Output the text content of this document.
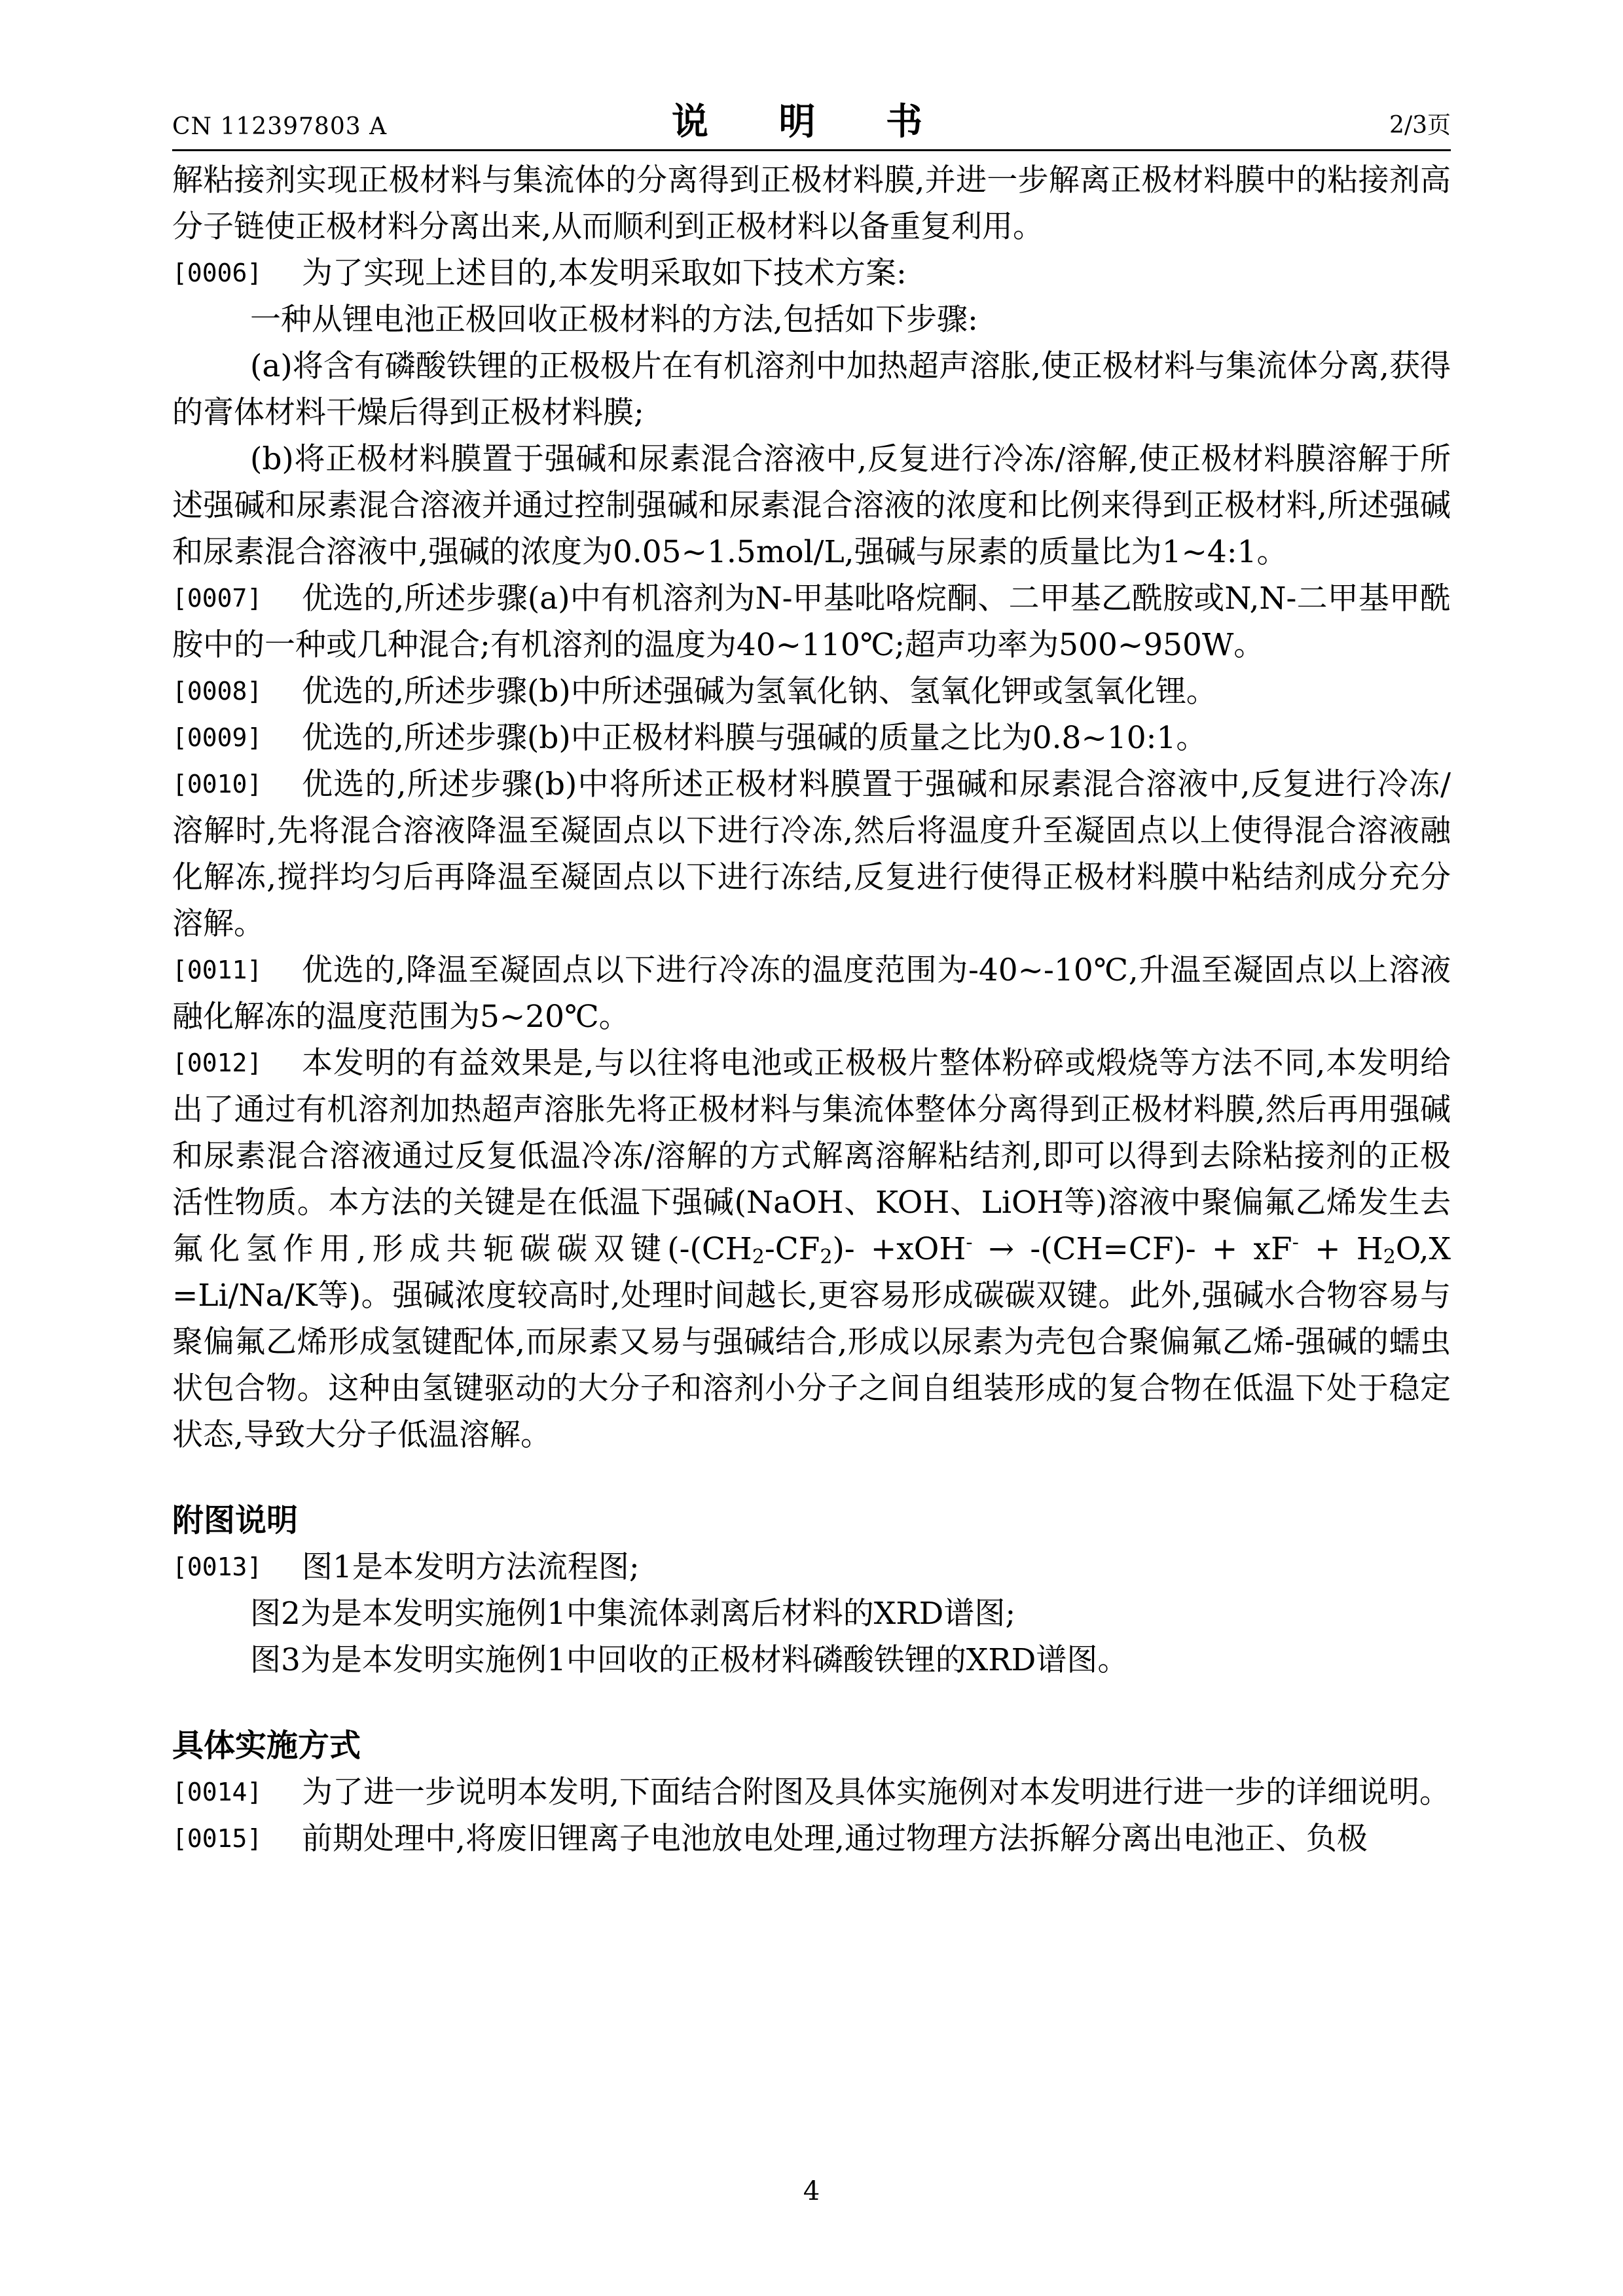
CN 112397803 A	说 明 书	2/3页
解粘接剂实现正极材料与集流体的分离得到正极材料膜,并进一步解离正极材料膜中的粘接剂高分子链使正极材料分离出来,从而顺利到正极材料以备重复利用。
[0006] 为了实现上述目的,本发明采取如下技术方案:
一种从锂电池正极回收正极材料的方法,包括如下步骤:
(a)将含有磷酸铁锂的正极极片在有机溶剂中加热超声溶胀,使正极材料与集流体分离,获得的膏体材料干燥后得到正极材料膜;
(b)将正极材料膜置于强碱和尿素混合溶液中,反复进行冷冻/溶解,使正极材料膜溶解于所述强碱和尿素混合溶液并通过控制强碱和尿素混合溶液的浓度和比例来得到正极材料,所述强碱和尿素混合溶液中,强碱的浓度为0.05~1.5mol/L,强碱与尿素的质量比为1~4:1。
[0007] 优选的,所述步骤(a)中有机溶剂为N-甲基吡咯烷酮、二甲基乙酰胺或N,N-二甲基甲酰胺中的一种或几种混合;有机溶剂的温度为40~110℃;超声功率为500~950W。
[0008] 优选的,所述步骤(b)中所述强碱为氢氧化钠、氢氧化钾或氢氧化锂。
[0009] 优选的,所述步骤(b)中正极材料膜与强碱的质量之比为0.8~10:1。
[0010] 优选的,所述步骤(b)中将所述正极材料膜置于强碱和尿素混合溶液中,反复进行冷冻/溶解时,先将混合溶液降温至凝固点以下进行冷冻,然后将温度升至凝固点以上使得混合溶液融化解冻,搅拌均匀后再降温至凝固点以下进行冻结,反复进行使得正极材料膜中粘结剂成分充分溶解。
[0011] 优选的,降温至凝固点以下进行冷冻的温度范围为-40~-10℃,升温至凝固点以上溶液融化解冻的温度范围为5~20℃。
[0012] 本发明的有益效果是,与以往将电池或正极极片整体粉碎或煅烧等方法不同,本发明给出了通过有机溶剂加热超声溶胀先将正极材料与集流体整体分离得到正极材料膜,然后再用强碱和尿素混合溶液通过反复低温冷冻/溶解的方式解离溶解粘结剂,即可以得到去除粘接剂的正极活性物质。本方法的关键是在低温下强碱(NaOH、KOH、LiOH等)溶液中聚偏氟乙烯发生去氟化氢作用,形成共轭碳碳双键($-(CH_2-CF_2)- +xOH^- \to -(CH=CF)- + xF^- + H_2O,X =Li/Na/K$等)。强碱浓度较高时,处理时间越长,更容易形成碳碳双键。此外,强碱水合物容易与聚偏氟乙烯形成氢键配体,而尿素又易与强碱结合,形成以尿素为壳包合聚偏氟乙烯-强碱的蠕虫状包合物。这种由氢键驱动的大分子和溶剂小分子之间自组装形成的复合物在低温下处于稳定状态,导致大分子低温溶解。
附图说明
[0013] 图1是本发明方法流程图;
图2为是本发明实施例1中集流体剥离后材料的XRD谱图;
图3为是本发明实施例1中回收的正极材料磷酸铁锂的XRD谱图。
具体实施方式
[0014] 为了进一步说明本发明,下面结合附图及具体实施例对本发明进行进一步的详细说明。
[0015] 前期处理中,将废旧锂离子电池放电处理,通过物理方法拆解分离出电池正、负极
4
